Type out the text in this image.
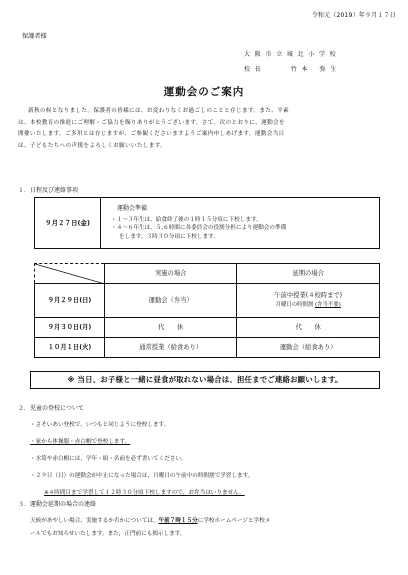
令和元（2019）年９月１７日
保護者様
大 阪 市 立 城 北 小 学 校
校 長	竹 本　 弥 生
運動会のご案内

新秋の候となりました。保護者の皆様には、お変わりなくお過ごしのことと存じます。また、平素

は、本校教育の推進にご理解・ご協力を賜りありがとうございます。さて、次のとおりに、運動会を
開催いたします。ご多用とは存じますが、ご参観くださいますようご案内申しあげます。運動会当日
は、子どもたちへの声援をよろしくお願いいたします。
１．日程及び連絡事項
９月２７日(金)	
運動会準備
・１～３年生は，給食終了後の１時１５分頃に下校します。
・４～６年生は，５,６時間に各委員会の役割分担により運動会の準備
をします。３時３０分頃に下校します。
	実施の場合	延期の場合
９月２９日(日)	運動会（弁当）	午前中授業(４校時まで)
月曜日の時間割 (弁当不要)

９月３０日(月)	代　　休	代　　休
１０月１日(火)	通常授業（給食あり）	運動会（給食あり）
※ 当日、お子様と一緒に昼食が取れない場合は、担任までご連絡お願いします。
２．児童の登校について
・さそいあい登校で，いつもと同じように登校します。
・家から体操服・赤白帽で登校します。
・水筒や赤白帽には，学年・組・名前を必ず書いてください。
・２９日（日）の運動会が中止になった場合は，月曜日の午前中の時間割で学習します。
※４時間目まで学習して１２時３０分頃下校しますので，お弁当はいりません。
３．運動会延期の場合の連絡
天候があやしい場合、実施するか否かについては，午前７時１５分に学校ホームページと学校メ
ールでもお知らせいたします。また，正門前にも掲示します。
